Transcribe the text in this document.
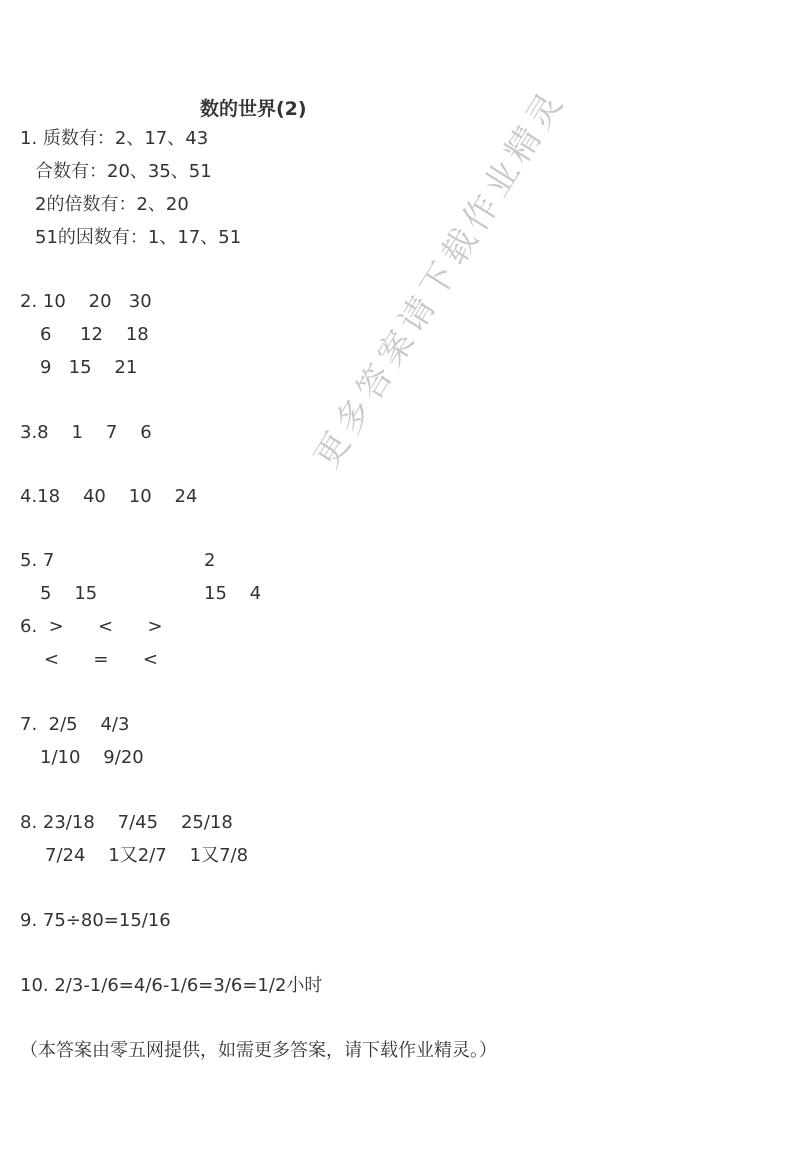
数的世界(2)
1. 质数有：2、17、43
合数有：20、35、51
2的倍数有：2、20
51的因数有：1、17、51
2. 10    20   30
6     12    18
9   15    21
3.8    1    7    6
4.18    40    10    24
5. 7	2
5    15	15    4
6.  >      <      >
<      =      <
7.  2/5    4/3
1/10    9/20
8. 23/18    7/45    25/18
7/24    1又2/7    1又7/8
9. 75÷80=15/16
10. 2/3-1/6=4/6-1/6=3/6=1/2小时
（本答案由零五网提供，如需更多答案，请下载作业精灵。）
更多答案请下载作业精灵
